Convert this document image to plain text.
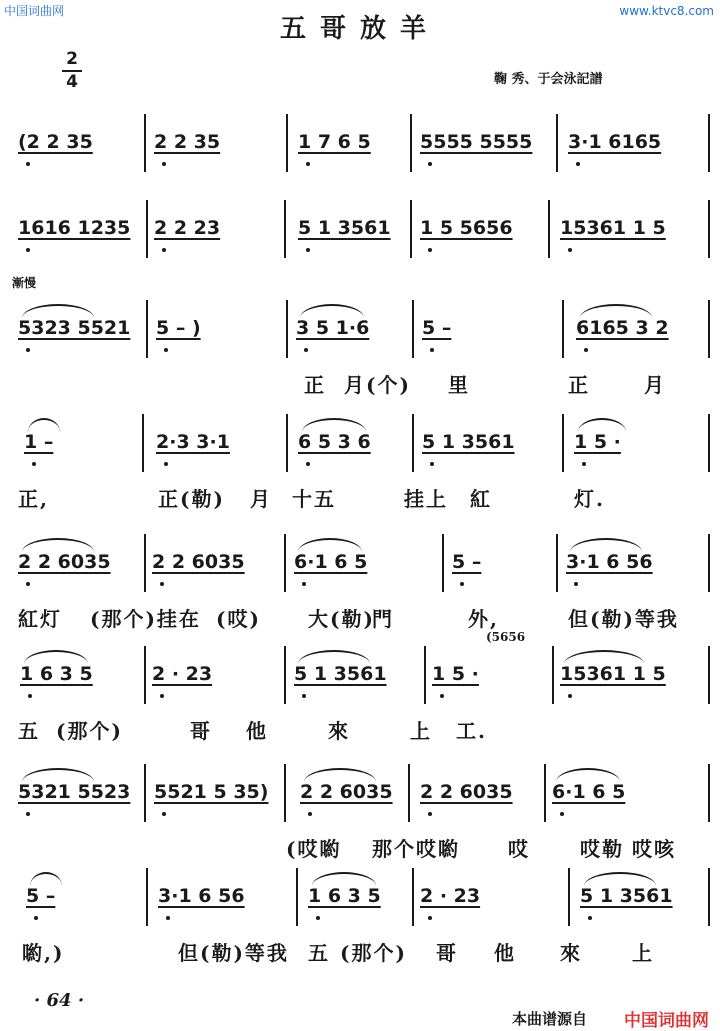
中国词曲网	www.ktvc8.com
五哥放羊
2
4	鞠 秀、于会泳記譜
(2 2 35	2 2 35	1 7 6 5	5555 5555 3·1 6165
1616 1235 2 2 23	5 1 3561 1 5 5656 15361 1 5
5323 5521 5 – )	3 5 1·6	5 –	6165 3 2
漸慢
正 月(个) 里	正	月
1 –	2·3 3·1	6 5 3 6	5 1 3561	1 5 ·
正,	正(勒) 月 十五	挂上 紅	灯.
2 2 6035 2 2 6035	6·1 6 5	5 –	3·1 6 56
紅灯 (那个)挂在 (哎) 大(勒)
門	外,	但(勒)等我
1 6 3 5	2 · 23	5 1 3561 1 5 ·	15361 1 5
(5656
五 (那个)	哥 他	來	上 工.
5321 5523 5521 5 35) 2 2 6035 2 2 6035 6·1 6 5
(哎喲 那个哎喲 哎	哎勒 哎咳
5 –	3·1 6 56	1 6 3 5 2 · 23	5 1 3561
喲,)	但(勒)等我 五 (那个) 哥 他 來	上
· 64 ·
本曲谱源自 中国词曲网
